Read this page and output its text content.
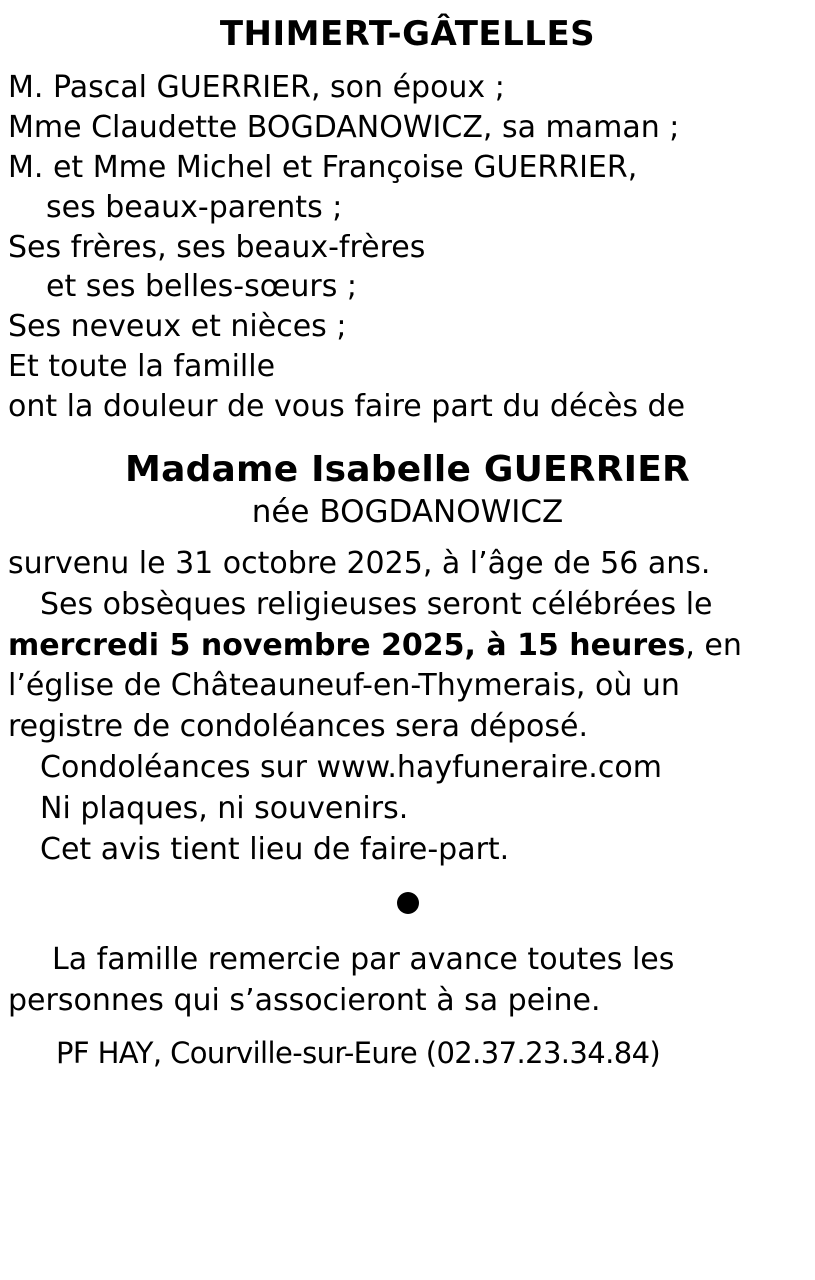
THIMERT-GÂTELLES
M. Pascal GUERRIER, son époux ;
Mme Claudette BOGDANOWICZ, sa maman ;
M. et Mme Michel et Françoise GUERRIER,
ses beaux-parents ;
Ses frères, ses beaux-frères
et ses belles-sœurs ;
Ses neveux et nièces ;
Et toute la famille
ont la douleur de vous faire part du décès de
Madame Isabelle GUERRIER
née BOGDANOWICZ
survenu le 31 octobre 2025, à l’âge de 56 ans.
Ses obsèques religieuses seront célébrées le
mercredi 5 novembre 2025, à 15 heures, en
l’église de Châteauneuf-en-Thymerais, où un
registre de condoléances sera déposé.
Condoléances sur www.hayfuneraire.com
Ni plaques, ni souvenirs.
Cet avis tient lieu de faire-part.
La famille remercie par avance toutes les
personnes qui s’associeront à sa peine.
PF HAY, Courville-sur-Eure (02.37.23.34.84)
